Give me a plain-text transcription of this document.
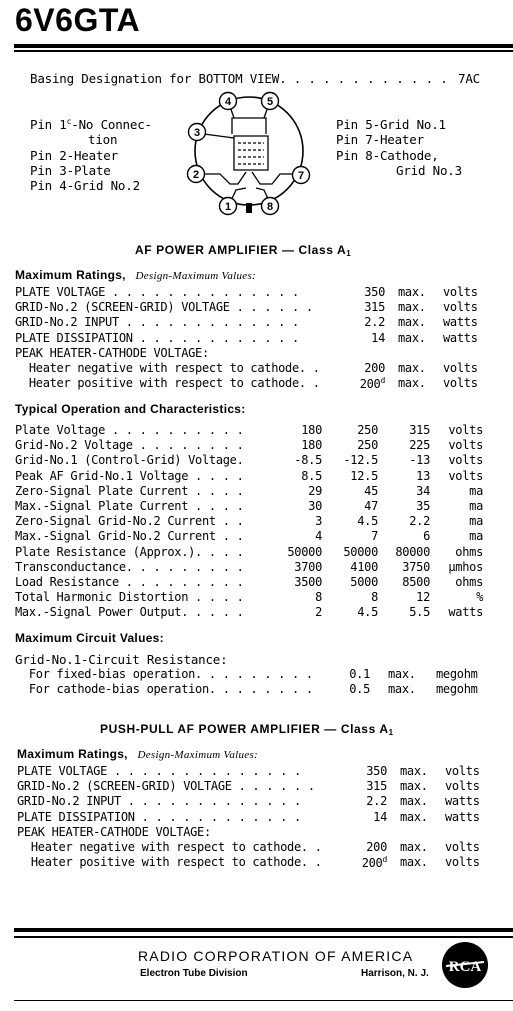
6V6GTA
Basing Designation for BOTTOM VIEW. . . . . . . . . . . . 7AC
Pin 1$^c$-No Connec-
tion
Pin 2-Heater
Pin 3-Plate
Pin 4-Grid No.2
Pin 5-Grid No.1
Pin 7-Heater
Pin 8-Cathode,
Grid No.3
4	5
3
2	7
1	8
AF POWER AMPLIFIER — Class $A_1$
Maximum Ratings, Design-Maximum Values:
PLATE VOLTAGE . . . . . . . . . . . . . .	350 max. volts
GRID-No.2 (SCREEN-GRID) VOLTAGE . . . . . .	315 max. volts
GRID-No.2 INPUT . . . . . . . . . . . . .	2.2 max. watts
PLATE DISSIPATION . . . . . . . . . . . .	14 max. watts
PEAK HEATER-CATHODE VOLTAGE:
Heater negative with respect to cathode. .	200 max. volts
Heater positive with respect to cathode. .	200$^d$ max. volts
Typical Operation and Characteristics:
Plate Voltage . . . . . . . . . .	180	250	315	volts
Grid-No.2 Voltage . . . . . . . .	180	250	225	volts
Grid-No.1 (Control-Grid) Voltage.	-8.5	-12.5	-13	volts
Peak AF Grid-No.1 Voltage . . . .	8.5	12.5	13	volts
Zero-Signal Plate Current . . . .	29	45	34	ma
Max.-Signal Plate Current . . . .	30	47	35	ma
Zero-Signal Grid-No.2 Current . .	3	4.5	2.2	ma
Max.-Signal Grid-No.2 Current . .	4	7	6	ma
Plate Resistance (Approx.). . . .	50000	50000	80000	ohms
Transconductance. . . . . . . . .	3700	4100	3750	µmhos
Load Resistance . . . . . . . . .	3500	5000	8500	ohms
Total Harmonic Distortion . . . .	8	8	12	%
Max.-Signal Power Output. . . . .	2	4.5	5.5	watts
Maximum Circuit Values:
Grid-No.1-Circuit Resistance:
For fixed-bias operation. . . . . . . . .	0.1 max. megohm
For cathode-bias operation. . . . . . . .	0.5 max. megohm
PUSH-PULL AF POWER AMPLIFIER — Class $A_1$
Maximum Ratings, Design-Maximum Values:
PLATE VOLTAGE . . . . . . . . . . . . . .	350 max. volts
GRID-No.2 (SCREEN-GRID) VOLTAGE . . . . . .	315 max. volts
GRID-No.2 INPUT . . . . . . . . . . . . .	2.2 max. watts
PLATE DISSIPATION . . . . . . . . . . . .	14 max. watts
PEAK HEATER-CATHODE VOLTAGE:
Heater negative with respect to cathode. .	200 max. volts
Heater positive with respect to cathode. .	200$^d$ max. volts
RADIO CORPORATION OF AMERICA
Electron Tube Division	Harrison, N. J. RCA
